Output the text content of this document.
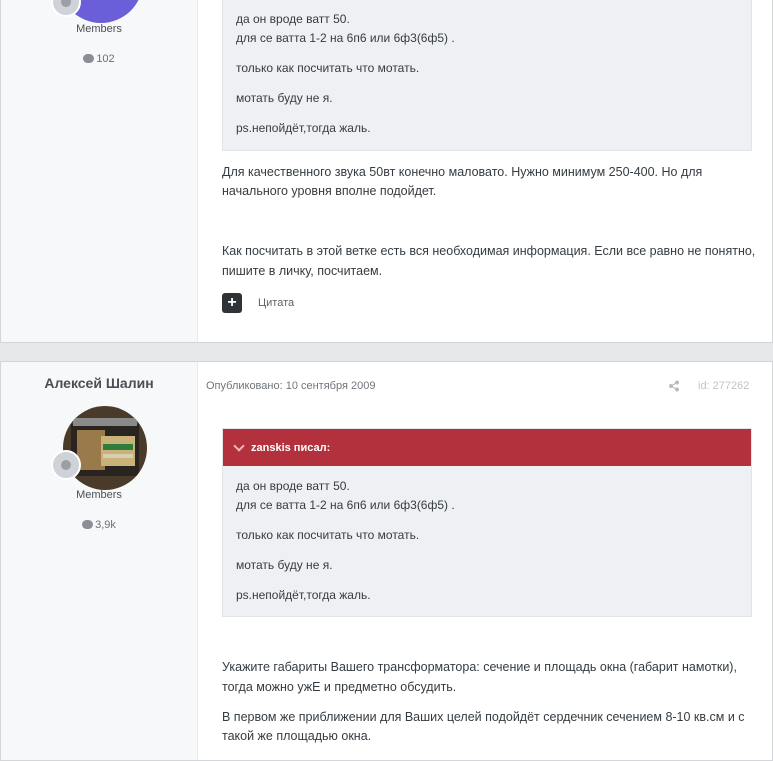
Members
102
да он вроде ватт 50.
для се ватта 1-2 на 6п6 или 6ф3(6ф5) .
только как посчитать что мотать.
мотать буду не я.
ps.непойдёт,тогда жаль.
Для качественного звука 50вт конечно маловато. Нужно минимум 250-400. Но для
начального уровня вполне подойдет.
Как посчитать в этой ветке есть вся необходимая информация. Если все равно не понятно,
пишите в личку, посчитаем.
+	Цитата
Алексей Шалин
Members
3,9k
Опубликовано: 10 сентября 2009	id: 277262
zanskis писал:
да он вроде ватт 50.
для се ватта 1-2 на 6п6 или 6ф3(6ф5) .
только как посчитать что мотать.
мотать буду не я.
ps.непойдёт,тогда жаль.
Укажите габариты Вашего трансформатора: сечение и площадь окна (габарит намотки),
тогда можно ужЕ и предметно обсудить.
В первом же приближении для Ваших целей подойдёт сердечник сечением 8-10 кв.см и с
такой же площадью окна.
